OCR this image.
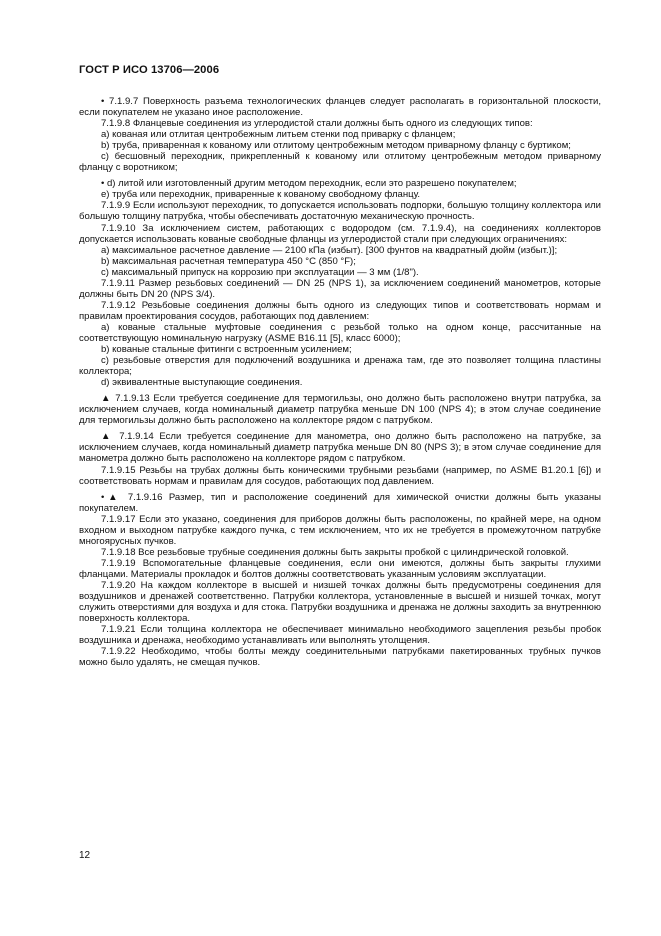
ГОСТ Р ИСО 13706—2006

• 7.1.9.7 Поверхность разъема технологических фланцев следует располагать в горизонтальной плоскости, если покупателем не указано иное расположение.

7.1.9.8 Фланцевые соединения из углеродистой стали должны быть одного из следующих типов:

а) кованая или отлитая центробежным литьем стенки под приварку с фланцем;

b) труба, приваренная к кованому или отлитому центробежным методом приварному фланцу с буртиком;

с) бесшовный переходник, прикрепленный к кованому или отлитому центробежным методом приварному фланцу с воротником;

• d) литой или изготовленный другим методом переходник, если это разрешено покупателем;

е) труба или переходник, приваренные к кованому свободному фланцу.

7.1.9.9 Если используют переходник, то допускается использовать подпорки, большую толщину коллектора или большую толщину патрубка, чтобы обеспечивать достаточную механическую прочность.

7.1.9.10 За исключением систем, работающих с водородом (см. 7.1.9.4), на соединениях коллекторов допускается использовать кованые свободные фланцы из углеродистой стали при следующих ограничениях:

а) максимальное расчетное давление — 2100 кПа (избыт). [300 фунтов на квадратный дюйм (избыт.)];

b) максимальная расчетная температура 450 °С (850 °F);

с) максимальный припуск на коррозию при эксплуатации — 3 мм (1/8").

7.1.9.11 Размер резьбовых соединений — DN 25 (NPS 1), за исключением соединений манометров, которые должны быть DN 20 (NPS 3/4).

7.1.9.12 Резьбовые соединения должны быть одного из следующих типов и соответствовать нормам и правилам проектирования сосудов, работающих под давлением:

а) кованые стальные муфтовые соединения с резьбой только на одном конце, рассчитанные на соответствующую номинальную нагрузку (ASME B16.11 [5], класс 6000);

b) кованые стальные фитинги с встроенным усилением;

с) резьбовые отверстия для подключений воздушника и дренажа там, где это позволяет толщина пластины коллектора;

d) эквивалентные выступающие соединения.

▲ 7.1.9.13 Если требуется соединение для термогильзы, оно должно быть расположено внутри патрубка, за исключением случаев, когда номинальный диаметр патрубка меньше DN 100 (NPS 4); в этом случае соединение для термогильзы должно быть расположено на коллекторе рядом с патрубком.

▲ 7.1.9.14 Если требуется соединение для манометра, оно должно быть расположено на патрубке, за исключением случаев, когда номинальный диаметр патрубка меньше DN 80 (NPS 3); в этом случае соединение для манометра должно быть расположено на коллекторе рядом с патрубком.

7.1.9.15 Резьбы на трубах должны быть коническими трубными резьбами (например, по ASME B1.20.1 [6]) и соответствовать нормам и правилам для сосудов, работающих под давлением.

•▲ 7.1.9.16 Размер, тип и расположение соединений для химической очистки должны быть указаны покупателем.

7.1.9.17 Если это указано, соединения для приборов должны быть расположены, по крайней мере, на одном входном и выходном патрубке каждого пучка, с тем исключением, что их не требуется в промежуточном патрубке многоярусных пучков.

7.1.9.18 Все резьбовые трубные соединения должны быть закрыты пробкой с цилиндрической головкой.

7.1.9.19 Вспомогательные фланцевые соединения, если они имеются, должны быть закрыты глухими фланцами. Материалы прокладок и болтов должны соответствовать указанным условиям эксплуатации.

7.1.9.20 На каждом коллекторе в высшей и низшей точках должны быть предусмотрены соединения для воздушников и дренажей соответственно. Патрубки коллектора, установленные в высшей и низшей точках, могут служить отверстиями для воздуха и для стока. Патрубки воздушника и дренажа не должны заходить за внутреннюю поверхность коллектора.

7.1.9.21 Если толщина коллектора не обеспечивает минимально необходимого зацепления резьбы пробок воздушника и дренажа, необходимо устанавливать или выполнять утолщения.

7.1.9.22 Необходимо, чтобы болты между соединительными патрубками пакетированных трубных пучков можно было удалять, не смещая пучков.

12
